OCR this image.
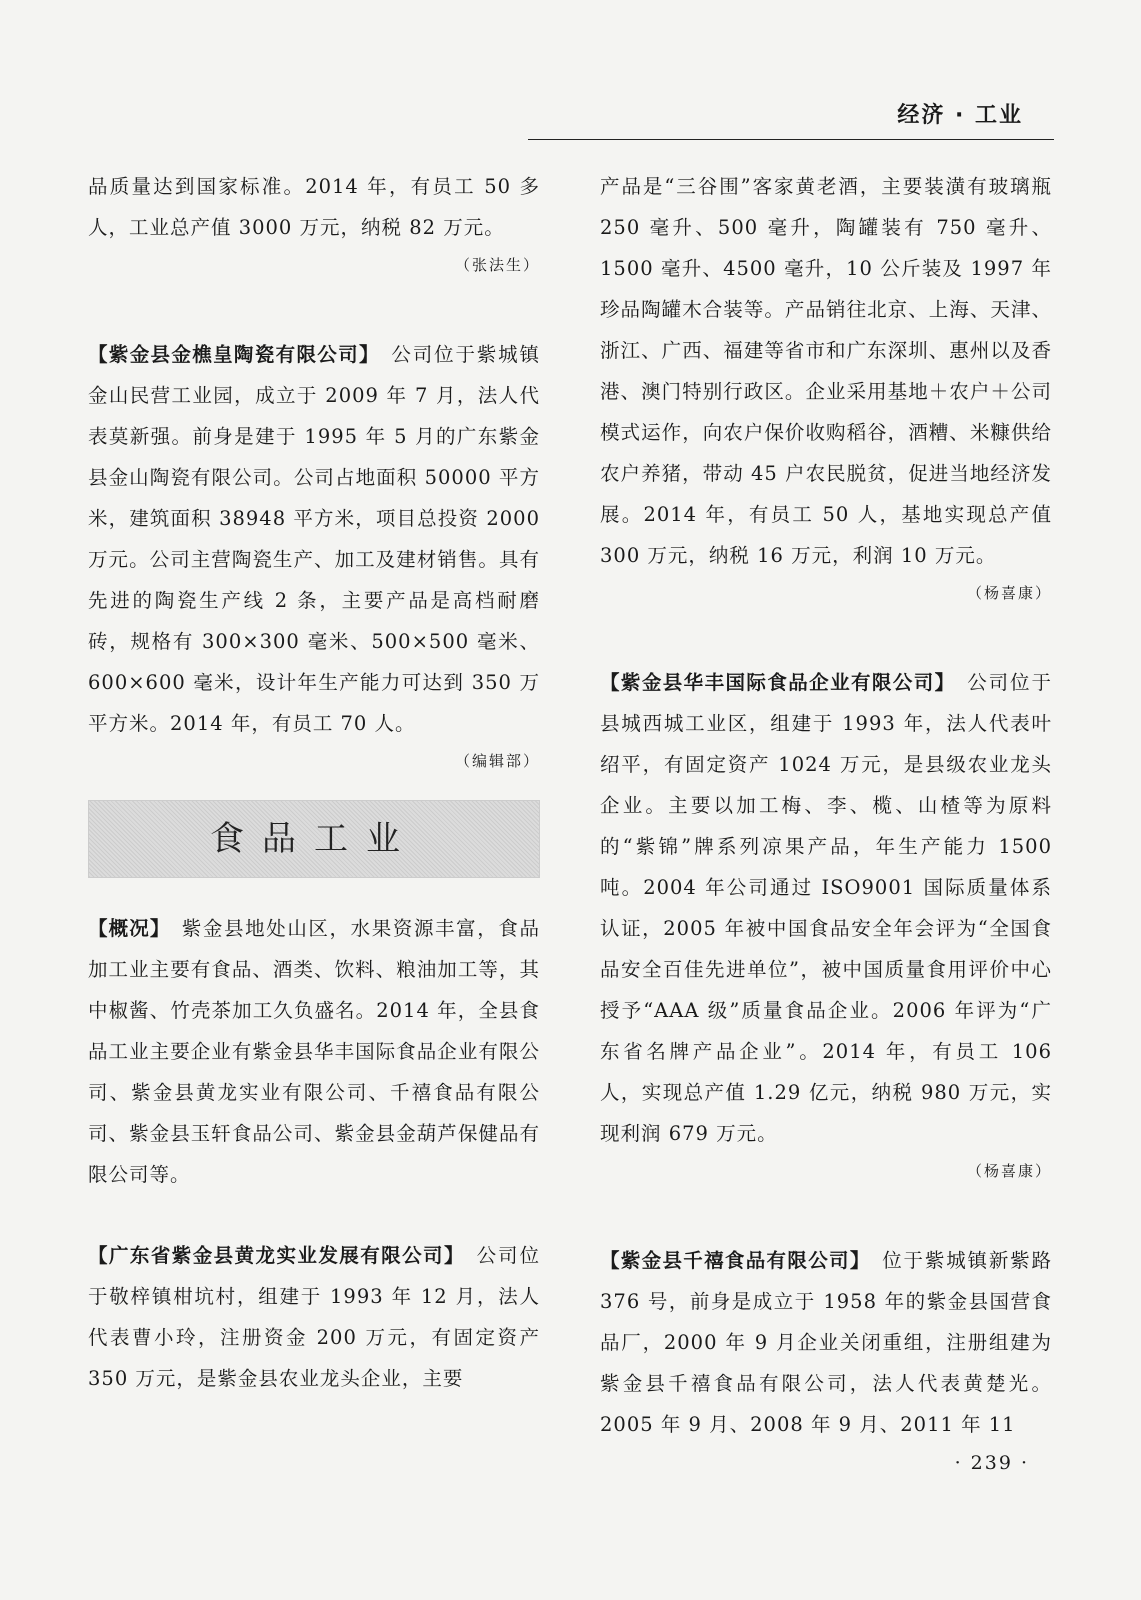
经济 · 工业

品质量达到国家标准。2014 年，有员工 50 多人，工业总产值 3000 万元，纳税 82 万元。

（张法生）

【紫金县金樵皇陶瓷有限公司】　公司位于紫城镇金山民营工业园，成立于 2009 年 7 月，法人代表莫新强。前身是建于 1995 年 5 月的广东紫金县金山陶瓷有限公司。公司占地面积 50000 平方米，建筑面积 38948 平方米，项目总投资 2000 万元。公司主营陶瓷生产、加工及建材销售。具有先进的陶瓷生产线 2 条，主要产品是高档耐磨砖，规格有 300×300 毫米、500×500 毫米、600×600 毫米，设计年生产能力可达到 350 万平方米。2014 年，有员工 70 人。

（编辑部）

食品工业

【概况】　紫金县地处山区，水果资源丰富，食品加工业主要有食品、酒类、饮料、粮油加工等，其中椒酱、竹壳茶加工久负盛名。2014 年，全县食品工业主要企业有紫金县华丰国际食品企业有限公司、紫金县黄龙实业有限公司、千禧食品有限公司、紫金县玉轩食品公司、紫金县金葫芦保健品有限公司等。

【广东省紫金县黄龙实业发展有限公司】　公司位于敬梓镇柑坑村，组建于 1993 年 12 月，法人代表曹小玲，注册资金 200 万元，有固定资产 350 万元，是紫金县农业龙头企业，主要

产品是“三谷围”客家黄老酒，主要装潢有玻璃瓶 250 毫升、500 毫升，陶罐装有 750 毫升、1500 毫升、4500 毫升，10 公斤装及 1997 年珍品陶罐木合装等。产品销往北京、上海、天津、浙江、广西、福建等省市和广东深圳、惠州以及香港、澳门特别行政区。企业采用基地＋农户＋公司模式运作，向农户保价收购稻谷，酒糟、米糠供给农户养猪，带动 45 户农民脱贫，促进当地经济发展。2014 年，有员工 50 人，基地实现总产值 300 万元，纳税 16 万元，利润 10 万元。

（杨喜康）

【紫金县华丰国际食品企业有限公司】　公司位于县城西城工业区，组建于 1993 年，法人代表叶绍平，有固定资产 1024 万元，是县级农业龙头企业。主要以加工梅、李、榄、山楂等为原料的“紫锦”牌系列凉果产品，年生产能力 1500 吨。2004 年公司通过 ISO9001 国际质量体系认证，2005 年被中国食品安全年会评为“全国食品安全百佳先进单位”，被中国质量食用评价中心授予“AAA 级”质量食品企业。2006 年评为“广东省名牌产品企业”。2014 年，有员工 106 人，实现总产值 1.29 亿元，纳税 980 万元，实现利润 679 万元。

（杨喜康）

【紫金县千禧食品有限公司】　位于紫城镇新紫路 376 号，前身是成立于 1958 年的紫金县国营食品厂，2000 年 9 月企业关闭重组，注册组建为紫金县千禧食品有限公司，法人代表黄楚光。2005 年 9 月、2008 年 9 月、2011 年 11

· 239 ·
